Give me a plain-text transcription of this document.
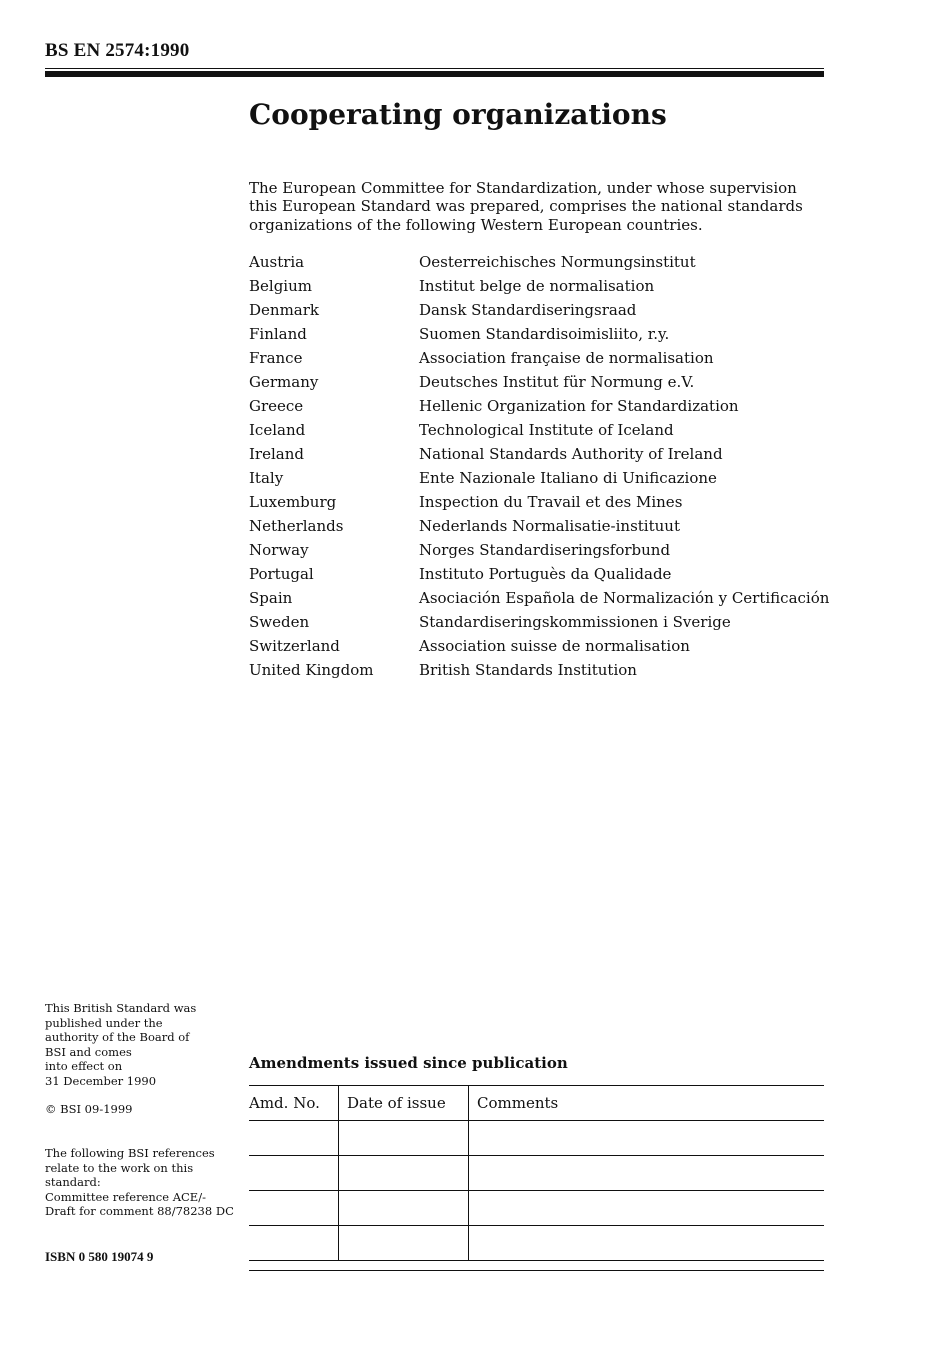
BS EN 2574:1990
Cooperating organizations

The European Committee for Standardization, under whose supervision this European Standard was prepared, comprises the national standards organizations of the following Western European countries.

Austria	Oesterreichisches Normungsinstitut
Belgium	Institut belge de normalisation
Denmark	Dansk Standardiseringsraad
Finland	Suomen Standardisoimisliito, r.y.
France	Association française de normalisation
Germany	Deutsches Institut für Normung e.V.
Greece	Hellenic Organization for Standardization
Iceland	Technological Institute of Iceland
Ireland	National Standards Authority of Ireland
Italy	Ente Nazionale Italiano di Unificazione
Luxemburg	Inspection du Travail et des Mines
Netherlands	Nederlands Normalisatie-instituut
Norway	Norges Standardiseringsforbund
Portugal	Instituto Portuguès da Qualidade
Spain	Asociación Española de Normalización y Certificación
Sweden	Standardiseringskommissionen i Sverige
Switzerland	Association suisse de normalisation
United Kingdom	British Standards Institution
This British Standard was
published under the
authority of the Board of
BSI and comes
into effect on
31 December 1990
© BSI 09-1999
The following BSI references
relate to the work on this
standard:
Committee reference ACE/-
Draft for comment 88/78238 DC
ISBN 0 580 19074 9
Amendments issued since publication
Amd. No.	Date of issue	Comments
